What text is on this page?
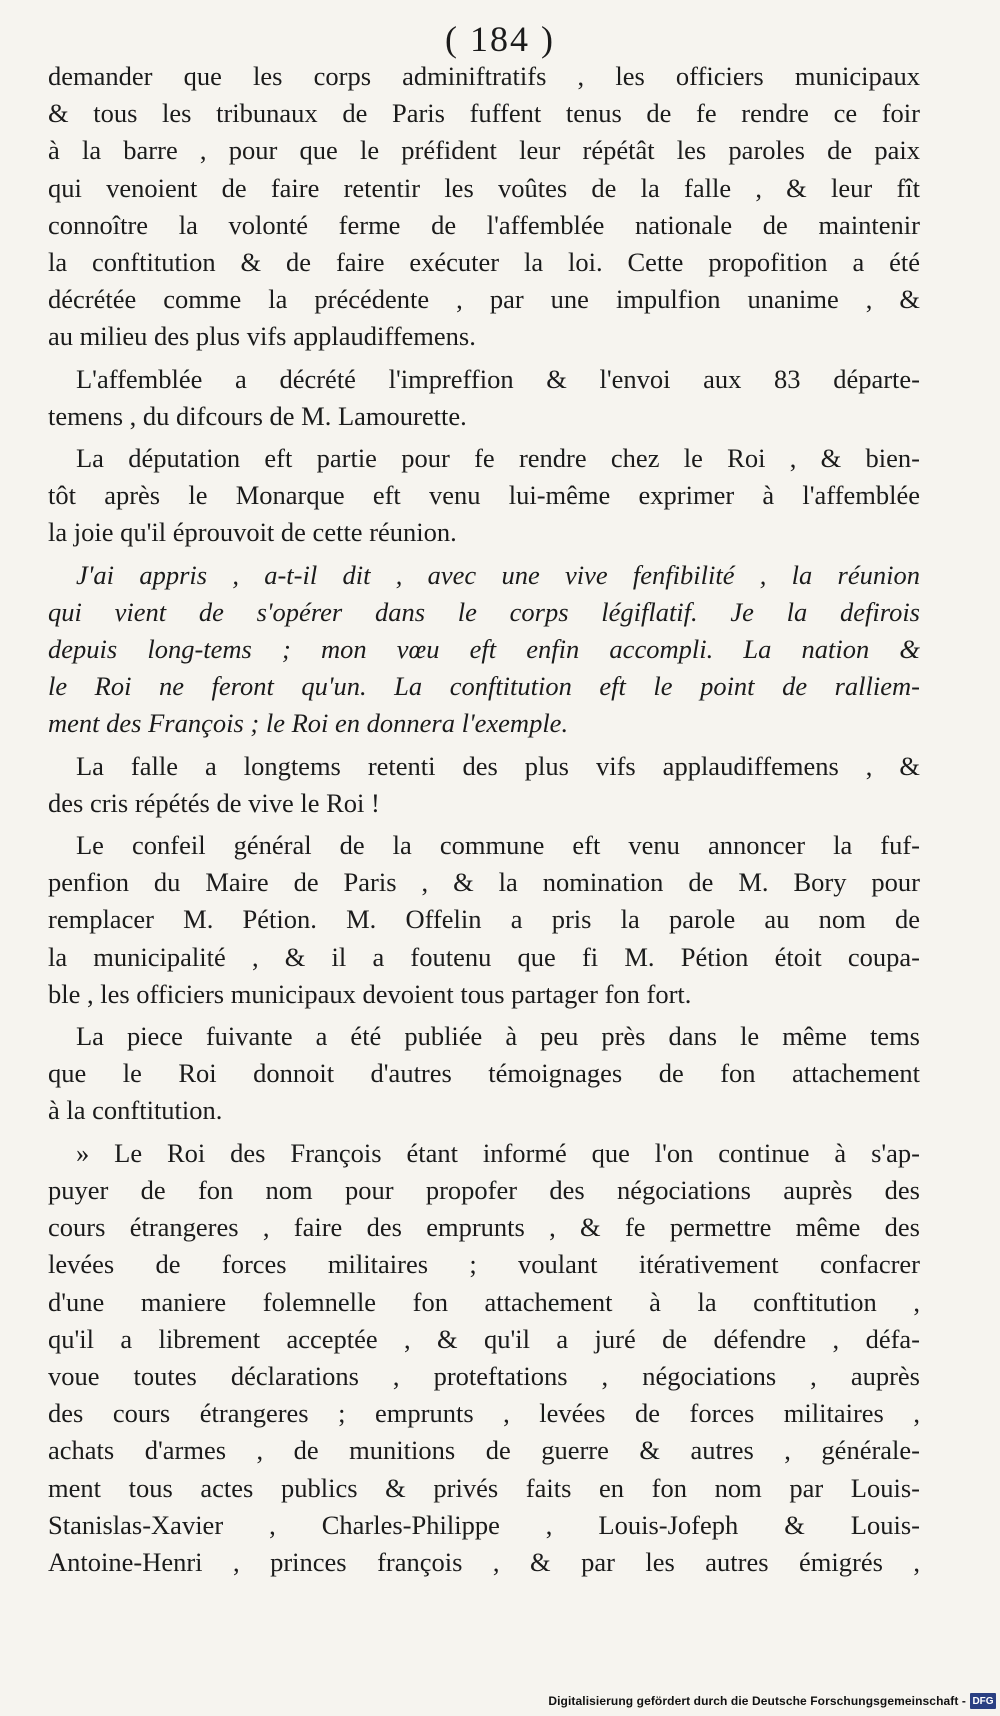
( 184 )
demander que les corps adminiftratifs , les officiers municipaux
& tous les tribunaux de Paris fuffent tenus de fe rendre ce foir
à la barre , pour que le préfident leur répétât les paroles de paix
qui venoient de faire retentir les voûtes de la falle , & leur fît
connoître la volonté ferme de l'affemblée nationale de maintenir
la conftitution & de faire exécuter la loi. Cette propofition a été
décrétée comme la précédente , par une impulfion unanime , &
au milieu des plus vifs applaudiffemens.
L'affemblée a décrété l'impreffion & l'envoi aux 83 départe-
temens , du difcours de M. Lamourette.
La députation eft partie pour fe rendre chez le Roi , & bien-
tôt après le Monarque eft venu lui-même exprimer à l'affemblée
la joie qu'il éprouvoit de cette réunion.
J'ai appris , a-t-il dit , avec une vive fenfibilité , la réunion
qui vient de s'opérer dans le corps légiflatif. Je la defirois
depuis long-tems ; mon vœu eft enfin accompli. La nation &
le Roi ne feront qu'un. La conftitution eft le point de ralliem-
ment des François ; le Roi en donnera l'exemple.
La falle a longtems retenti des plus vifs applaudiffemens , &
des cris répétés de vive le Roi !
Le confeil général de la commune eft venu annoncer la fuf-
penfion du Maire de Paris , & la nomination de M. Bory pour
remplacer M. Pétion. M. Offelin a pris la parole au nom de
la municipalité , & il a foutenu que fi M. Pétion étoit coupa-
ble , les officiers municipaux devoient tous partager fon fort.
La piece fuivante a été publiée à peu près dans le même tems
que le Roi donnoit d'autres témoignages de fon attachement
à la conftitution.
» Le Roi des François étant informé que l'on continue à s'ap-
puyer de fon nom pour propofer des négociations auprès des
cours étrangeres , faire des emprunts , & fe permettre même des
levées de forces militaires ; voulant itérativement confacrer
d'une maniere folemnelle fon attachement à la conftitution ,
qu'il a librement acceptée , & qu'il a juré de défendre , défa-
voue toutes déclarations , proteftations , négociations , auprès
des cours étrangeres ; emprunts , levées de forces militaires ,
achats d'armes , de munitions de guerre & autres , générale-
ment tous actes publics & privés faits en fon nom par Louis-
Stanislas-Xavier , Charles-Philippe , Louis-Jofeph & Louis-
Antoine-Henri , princes françois , & par les autres émigrés ,
Digitalisierung gefördert durch die Deutsche Forschungsgemeinschaft - DFG
